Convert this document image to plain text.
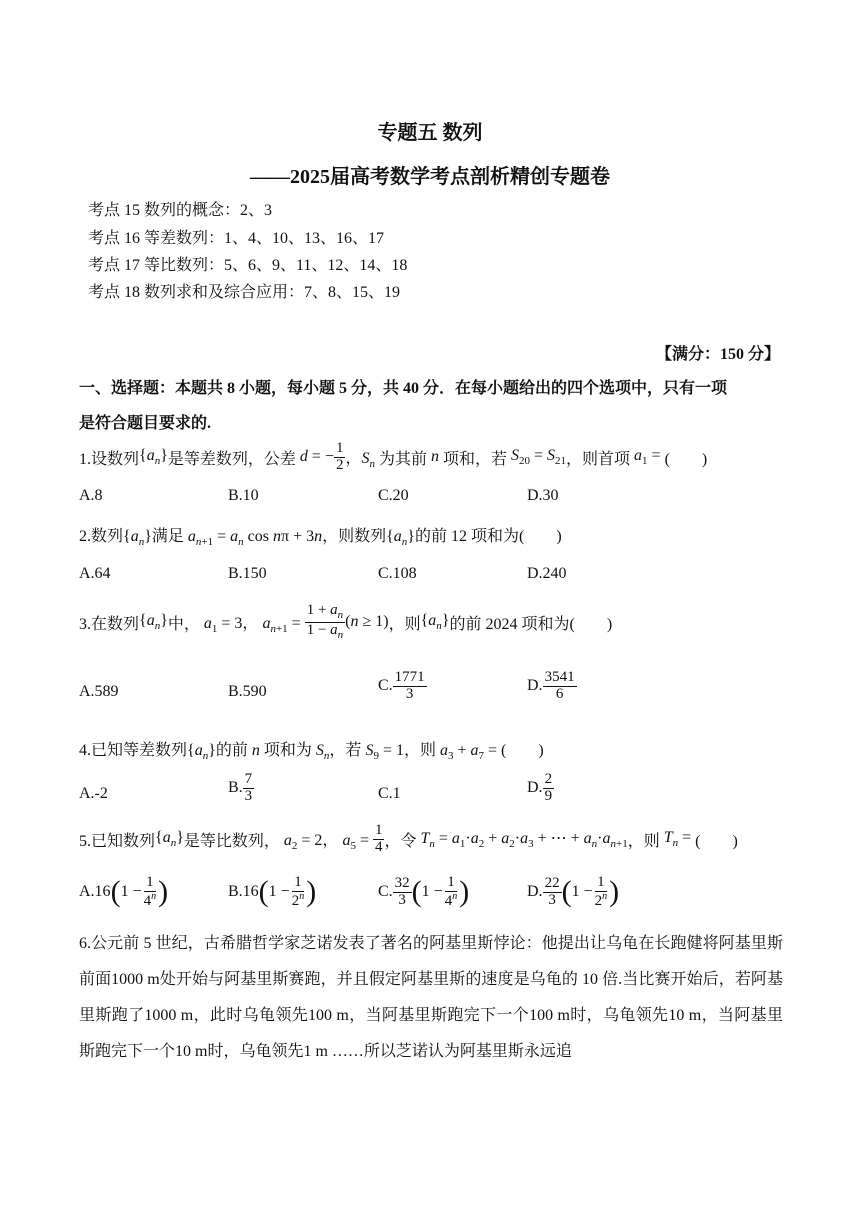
专题五 数列
——2025届高考数学考点剖析精创专题卷
考点 15 数列的概念：2、3
考点 16 等差数列：1、4、10、13、16、17
考点 17 等比数列：5、6、9、11、12、14、18
考点 18 数列求和及综合应用：7、8、15、19
【满分：150 分】
一、选择题：本题共 8 小题，每小题 5 分，共 40 分．在每小题给出的四个选项中，只有一项
是符合题目要求的.
1.设数列 $\{a_n\}$ 是等差数列，公差 d = − $\frac{1}{2}$ ，$S_n$ 为其前 n 项和，若 $S_{20} = S_{21}$ ，则首项 $a_1$ = (　　)
A.8	B.10	C.20	D.30
2.数列$\{a_n\}$满足 $a_{n+1} = a_n$ cos nπ + 3n，则数列$\{a_n\}$的前 12 项和为(　　)
A.64	B.150	C.108	D.240
3.在数列 $\{a_n\}$ 中， $a_1 = 3$， $a_{n+1} = \frac{1 + a_n}{1 - a_n} (n \ge 1)$ ，则 $\{a_n\}$ 的前 2024 项和为(　　)
A.589	B.590	C. $\frac{1771}{3}$	D. $\frac{3541}{6}$
4.已知等差数列$\{a_n\}$的前 n 项和为 $S_n$，若 $S_9 = 1$，则 $a_3 + a_7$ = (　　)
A.-2	B. $\frac{7}{3}$	C.1	D. $\frac{2}{9}$
5.已知数列 $\{a_n\}$ 是等比数列， $a_2 = 2$， $a_5 = \frac{1}{4}$ ，令 $T_n = a_1\cdot a_2 + a_2\cdot a_3$ + ⋯ + $a_n\cdot a_{n+1}$ ，则 $T_n$ = (　　)
A.16 ( $1 - \frac{1}{4^n}$ )	B.16 ( $1 - \frac{1}{2^n}$ )	C. $\frac{32}{3}$ ( $1 - \frac{1}{4^n}$ )	D. $\frac{22}{3}$ ( $1 - \frac{1}{2^n}$ )
6.公元前 5 世纪，古希腊哲学家芝诺发表了著名的阿基里斯悖论：他提出让乌龟在长跑健将阿基里斯前面1000 m处开始与阿基里斯赛跑，并且假定阿基里斯的速度是乌龟的 10 倍.当比赛开始后，若阿基里斯跑了1000 m，此时乌龟领先100 m，当阿基里斯跑完下一个100 m时，乌龟领先10 m，当阿基里斯跑完下一个10 m时，乌龟领先1 m ……所以芝诺认为阿基里斯永远追
